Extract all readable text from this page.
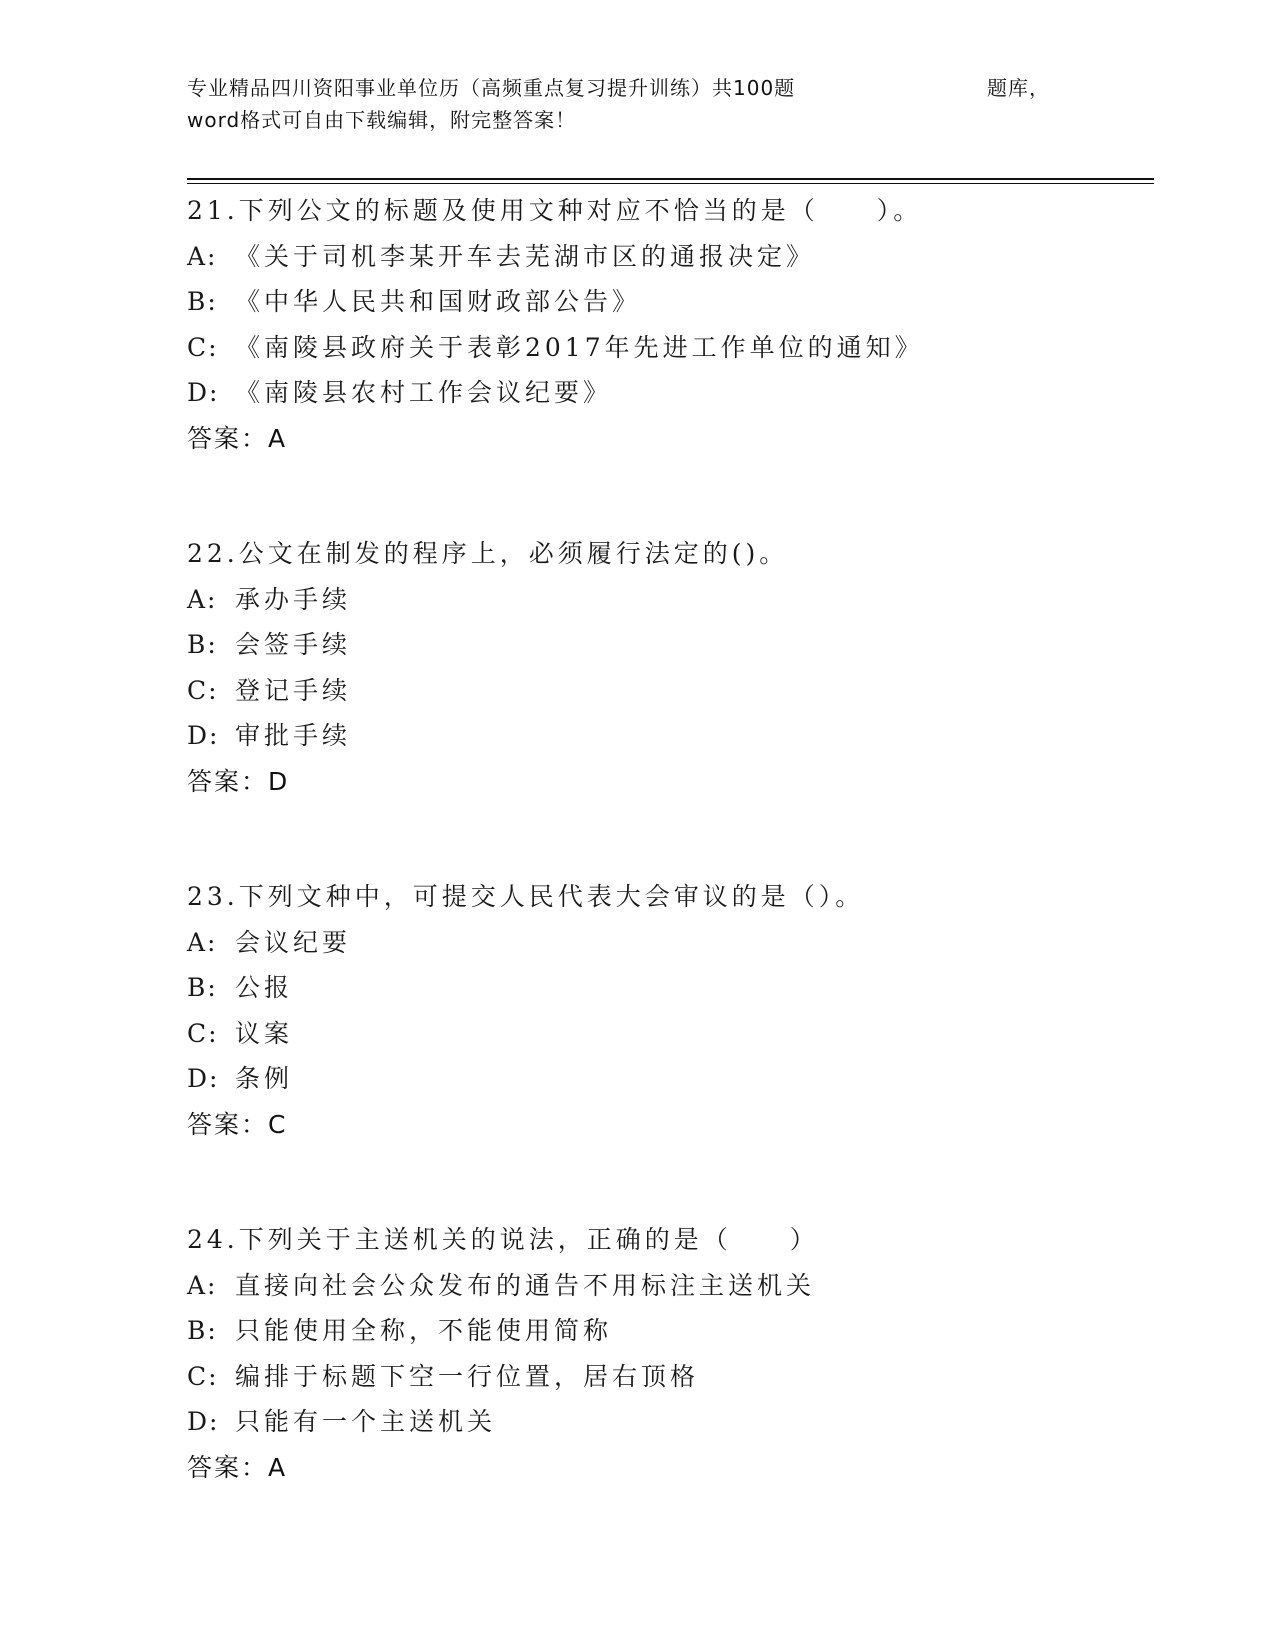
专业精品四川资阳事业单位历（高频重点复习提升训练）共100题	题库，
word格式可自由下载编辑，附完整答案！
21.下列公文的标题及使用文种对应不恰当的是（　　）。
A: 《关于司机李某开车去芜湖市区的通报决定》
B: 《中华人民共和国财政部公告》
C: 《南陵县政府关于表彰2017年先进工作单位的通知》
D: 《南陵县农村工作会议纪要》
答案：A
22.公文在制发的程序上，必须履行法定的()。
A: 承办手续
B: 会签手续
C: 登记手续
D: 审批手续
答案：D
23.下列文种中，可提交人民代表大会审议的是（）。
A: 会议纪要
B: 公报
C: 议案
D: 条例
答案：C
24.下列关于主送机关的说法，正确的是（　　）
A: 直接向社会公众发布的通告不用标注主送机关
B: 只能使用全称，不能使用简称
C: 编排于标题下空一行位置，居右顶格
D: 只能有一个主送机关
答案：A
